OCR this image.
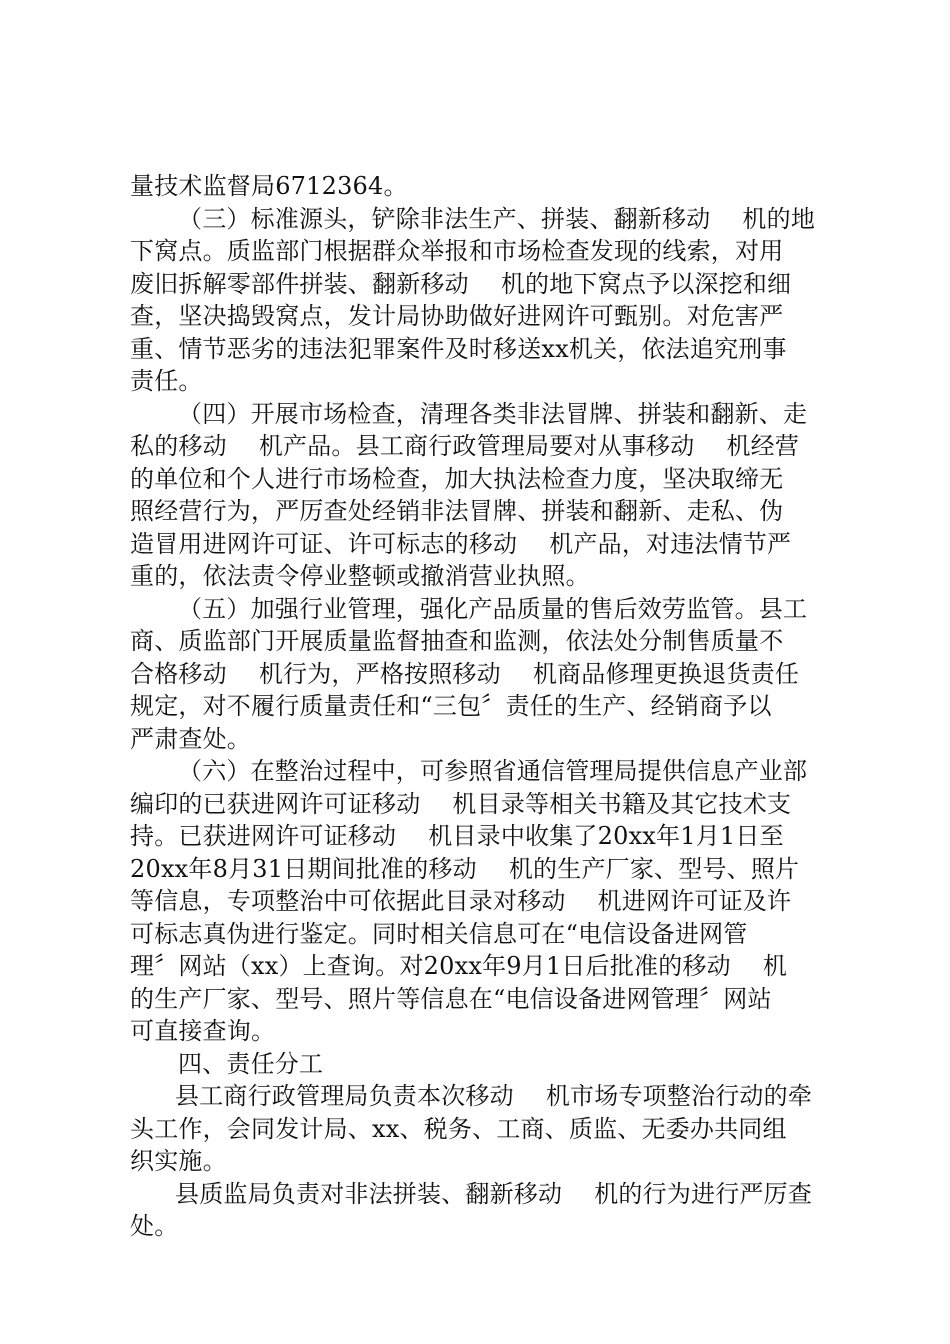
量技术监督局6712364。
（三）标准源头，铲除非法生产、拼装、翻新移动　 机的地
下窝点。质监部门根据群众举报和市场检查发现的线索，对用
废旧拆解零部件拼装、翻新移动　 机的地下窝点予以深挖和细
查，坚决捣毁窝点，发计局协助做好进网许可甄别。对危害严
重、情节恶劣的违法犯罪案件及时移送xx机关，依法追究刑事
责任。
（四）开展市场检查，清理各类非法冒牌、拼装和翻新、走
私的移动　 机产品。县工商行政管理局要对从事移动　 机经营
的单位和个人进行市场检查，加大执法检查力度，坚决取缔无
照经营行为，严厉查处经销非法冒牌、拼装和翻新、走私、伪
造冒用进网许可证、许可标志的移动　 机产品，对违法情节严
重的，依法责令停业整顿或撤消营业执照。
（五）加强行业管理，强化产品质量的售后效劳监管。县工
商、质监部门开展质量监督抽查和监测，依法处分制售质量不
合格移动　 机行为，严格按照移动　 机商品修理更换退货责任
规定，对不履行质量责任和“三包〞责任的生产、经销商予以
严肃查处。
（六）在整治过程中，可参照省通信管理局提供信息产业部
编印的已获进网许可证移动　 机目录等相关书籍及其它技术支
持。已获进网许可证移动　 机目录中收集了20xx年1月1日至
20xx年8月31日期间批准的移动　 机的生产厂家、型号、照片
等信息，专项整治中可依据此目录对移动　 机进网许可证及许
可标志真伪进行鉴定。同时相关信息可在“电信设备进网管
理〞网站（xx）上查询。对20xx年9月1日后批准的移动　 机
的生产厂家、型号、照片等信息在“电信设备进网管理〞网站
可直接查询。
四、责任分工
县工商行政管理局负责本次移动　 机市场专项整治行动的牵
头工作，会同发计局、xx、税务、工商、质监、无委办共同组
织实施。
县质监局负责对非法拼装、翻新移动　 机的行为进行严厉查
处。
